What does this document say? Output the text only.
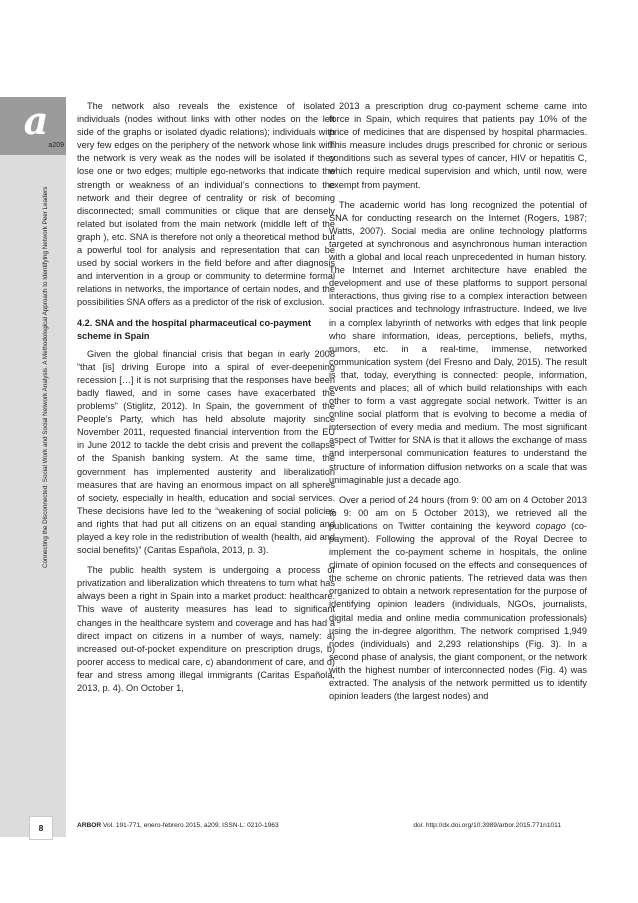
a
a209
Connecting the Disconnected: Social Work and Social Network Analysis. A Methodological Approach to Identifying Network Peer Leaders
8

The network also reveals the existence of isolated individuals (nodes without links with other nodes on the left side of the graphs or isolated dyadic relations); individuals with very few edges on the periphery of the network whose link with the network is very weak as the nodes will be isolated if they lose one or two edges; multiple ego-networks that indicate the strength or weakness of an individual’s connections to the network and their degree of centrality or risk of becoming disconnected; small communities or clique that are densely related but isolated from the main network (middle left of the graph ), etc. SNA is therefore not only a theoretical method but a powerful tool for analysis and representation that can be used by social workers in the field before and after diagnosis and intervention in a group or community to determine formal relations in networks, the importance of certain nodes, and the possibilities SNA offers as a predictor of the risk of exclusion.

4.2. SNA and the hospital pharmaceutical co-payment scheme in Spain

Given the global financial crisis that began in early 2008 “that [is] driving Europe into a spiral of ever-deepening recession […] it is not surprising that the responses have been badly flawed, and in some cases have exacerbated the problems” (Stiglitz, 2012). In Spain, the government of the People’s Party, which has held absolute majority since November 2011, requested financial intervention from the EU in June 2012 to tackle the debt crisis and prevent the collapse of the Spanish banking system. At the same time, the government has implemented austerity and liberalization measures that are having an enormous impact on all spheres of society, especially in health, education and social services. These decisions have led to the “weakening of social policies and rights that had put all citizens on an equal standing and played a key role in the redistribution of wealth (health, aid and social benefits)” (Caritas Española, 2013, p. 3).

The public health system is undergoing a process of privatization and liberalization which threatens to turn what has always been a right in Spain into a market product: healthcare. This wave of austerity measures has lead to significant changes in the healthcare system and coverage and has had a direct impact on citizens in a number of ways, namely: a) increased out-of-pocket expenditure on prescription drugs, b) poorer access to medical care, c) abandonment of care, and d) fear and stress among illegal immigrants (Caritas Española, 2013, p. 4). On October 1,

2013 a prescription drug co-payment scheme came into force in Spain, which requires that patients pay 10% of the price of medicines that are dispensed by hospital pharmacies. This measure includes drugs prescribed for chronic or serious conditions such as several types of cancer, HIV or hepatitis C, which require medical supervision and which, until now, were exempt from payment.

The academic world has long recognized the potential of SNA for conducting research on the Internet (Rogers, 1987; Watts, 2007). Social media are online technology platforms targeted at synchronous and asynchronous human interaction with a global and local reach unprecedented in human history. The Internet and Internet architecture have enabled the development and use of these platforms to support personal interactions, thus giving rise to a complex interaction between social practices and technology infrastructure. Indeed, we live in a complex labyrinth of networks with edges that link people who share information, ideas, perceptions, beliefs, myths, rumors, etc. in a real-time, immense, networked communication system (del Fresno and Daly, 2015). The result is that, today, everything is connected: people, information, events and places; all of which build relationships with each other to form a vast aggregate social network. Twitter is an online social platform that is evolving to become a media of intersection of every media and medium. The most significant aspect of Twitter for SNA is that it allows the exchange of mass and interpersonal communication features to understand the structure of information diffusion networks on a scale that was unimaginable just a decade ago.

Over a period of 24 hours (from 9: 00 am on 4 October 2013 to 9: 00 am on 5 October 2013), we retrieved all the publications on Twitter containing the keyword copago (co-payment). Following the approval of the Royal Decree to implement the co-payment scheme in hospitals, the online climate of opinion focused on the effects and consequences of the scheme on chronic patients. The retrieved data was then organized to obtain a network representation for the purpose of identifying opinion leaders (individuals, NGOs, journalists, digital media and online media communication professionals) using the in-degree algorithm. The network comprised 1,949 nodes (individuals) and 2,293 relationships (Fig. 3). In a second phase of analysis, the giant component, or the network with the highest number of interconnected nodes (Fig. 4) was extracted. The analysis of the network permitted us to identify opinion leaders (the largest nodes) and

ARBOR Vol. 191-771, enero-febrero 2015, a209. ISSN-L: 0210-1963	doi: http://dx.doi.org/10.3989/arbor.2015.771n1011
